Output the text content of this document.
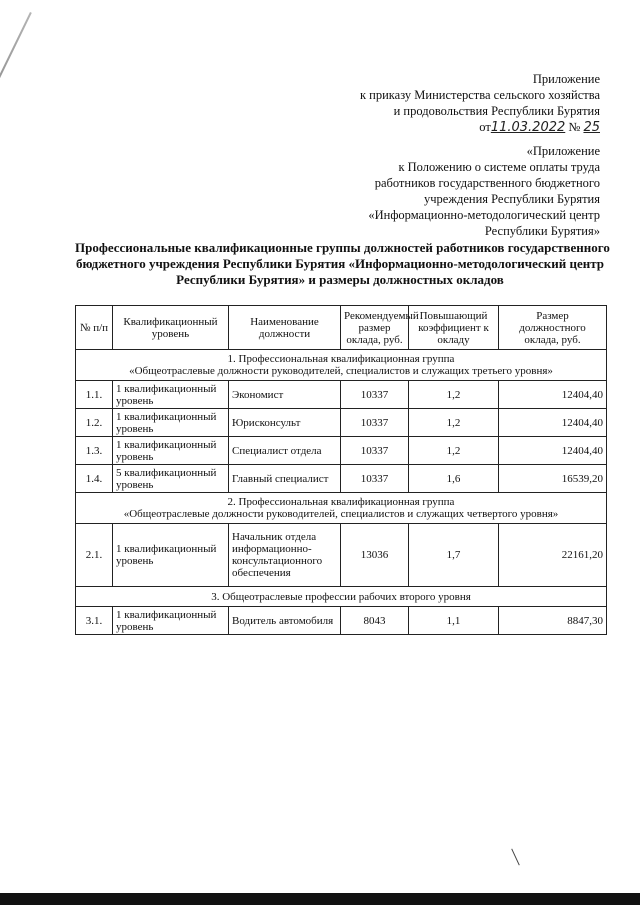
Приложение
к приказу Министерства сельского хозяйства
и продовольствия Республики Бурятия
от11.03.2022 № 25
«Приложение
к Положению о системе оплаты труда
работников государственного бюджетного
учреждения Республики Бурятия
«Информационно-методологический центр
Республики Бурятия»
Профессиональные квалификационные группы должностей работников государственного
бюджетного учреждения Республики Бурятия «Информационно-методологический центр
Республики Бурятия» и размеры должностных окладов
№ п/п	Квалификационный уровень	Наименование должности	Рекомендуемый размер оклада, руб.	Повышающий коэффициент к окладу	Размер должностного оклада, руб.

1. Профессиональная квалификационная группа
«Общеотраслевые должности руководителей, специалистов и служащих третьего уровня»					

1.1.	1 квалификационный уровень	Экономист	10337	1,2	12404,40
1.2.	1 квалификационный уровень	Юрисконсульт	10337	1,2	12404,40
1.3.	1 квалификационный уровень	Специалист отдела	10337	1,2	12404,40
1.4.	5 квалификационный уровень	Главный специалист	10337	1,6	16539,20

2. Профессиональная квалификационная группа
«Общеотраслевые должности руководителей, специалистов и служащих четвертого уровня»					

2.1.	1 квалификационный уровень	Начальник отдела информационно-консультационного обеспечения	13036	1,7	22161,20
3. Общеотраслевые профессии рабочих второго уровня					
3.1.	1 квалификационный уровень	Водитель автомобиля	8043	1,1	8847,30
